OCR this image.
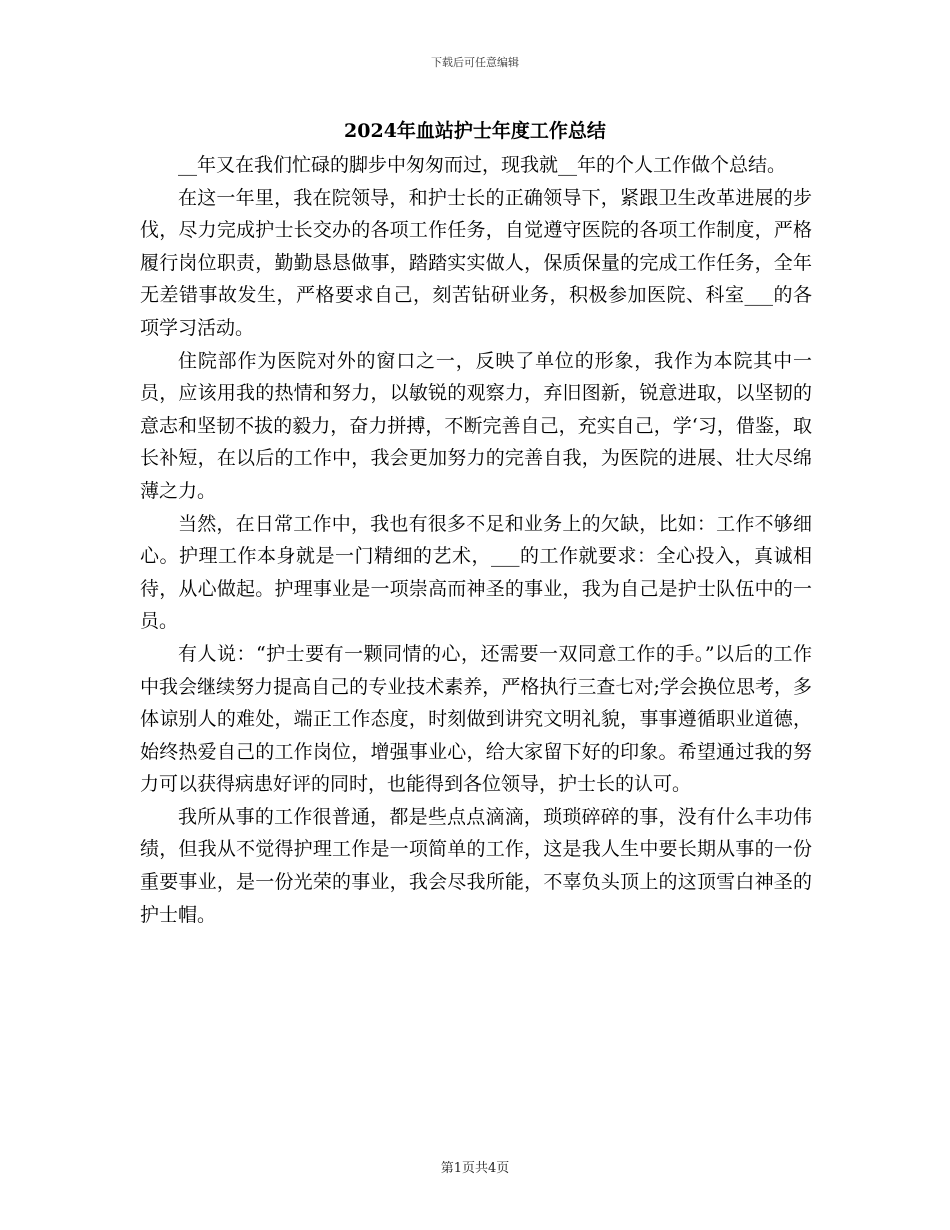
下载后可任意编辑
2024年血站护士年度工作总结

__年又在我们忙碌的脚步中匆匆而过，现我就__年的个人工作做个总结。

在这一年里，我在院领导，和护士长的正确领导下，紧跟卫生改革进展的步伐，尽力完成护士长交办的各项工作任务，自觉遵守医院的各项工作制度，严格履行岗位职责，勤勤恳恳做事，踏踏实实做人，保质保量的完成工作任务，全年无差错事故发生，严格要求自己，刻苦钻研业务，积极参加医院、科室___的各项学习活动。

住院部作为医院对外的窗口之一，反映了单位的形象，我作为本院其中一员，应该用我的热情和努力，以敏锐的观察力，弃旧图新，锐意进取，以坚韧的意志和坚韧不拔的毅力，奋力拼搏，不断完善自己，充实自己，学‘习，借鉴，取长补短，在以后的工作中，我会更加努力的完善自我，为医院的进展、壮大尽绵薄之力。

当然，在日常工作中，我也有很多不足和业务上的欠缺，比如：工作不够细心。护理工作本身就是一门精细的艺术，___的工作就要求：全心投入，真诚相待，从心做起。护理事业是一项崇高而神圣的事业，我为自己是护士队伍中的一员。

有人说：“护士要有一颗同情的心，还需要一双同意工作的手。”以后的工作中我会继续努力提高自己的专业技术素养，严格执行三查七对;学会换位思考，多体谅别人的难处，端正工作态度，时刻做到讲究文明礼貌，事事遵循职业道德，始终热爱自己的工作岗位，增强事业心，给大家留下好的印象。希望通过我的努力可以获得病患好评的同时，也能得到各位领导，护士长的认可。

我所从事的工作很普通，都是些点点滴滴，琐琐碎碎的事，没有什么丰功伟绩，但我从不觉得护理工作是一项简单的工作，这是我人生中要长期从事的一份重要事业，是一份光荣的事业，我会尽我所能，不辜负头顶上的这顶雪白神圣的护士帽。

第1页共4页
